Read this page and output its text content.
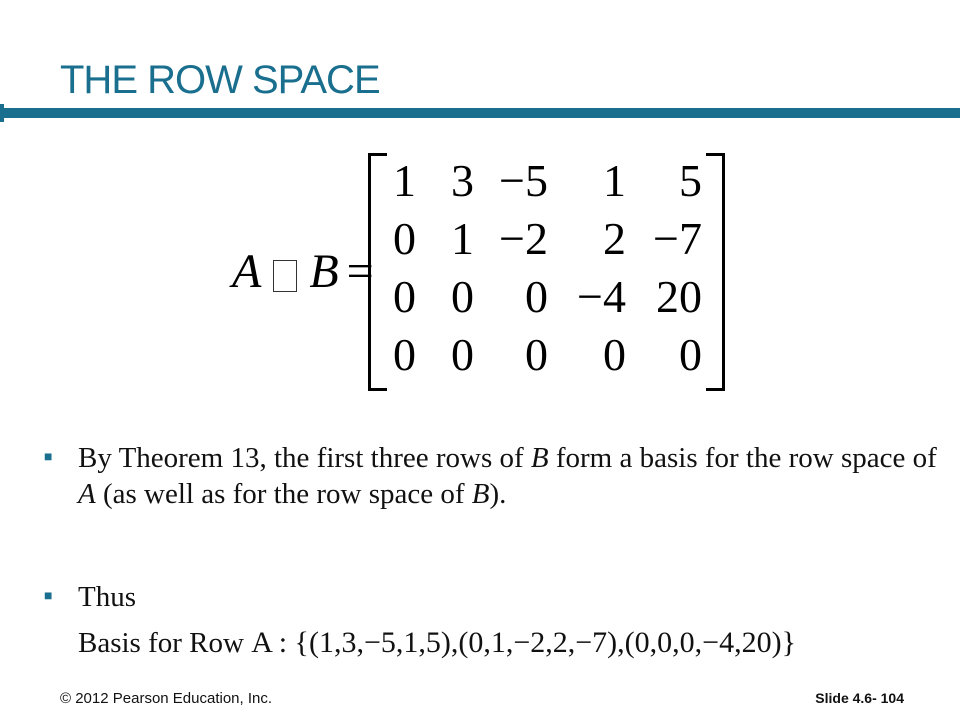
THE ROW SPACE
A B =
1 3 −5	1	5
0 1 −2	2 −7
0 0	0 −4 20
0 0	0	0	0
■ By Theorem 13, the first three rows of B form a basis for the row space of A (as well as for the row space of B).
■ Thus
Basis for Row A : {(1,3,−5,1,5),(0,1,−2,2,−7),(0,0,0,−4,20)}
© 2012 Pearson Education, Inc.	Slide 4.6- 104
